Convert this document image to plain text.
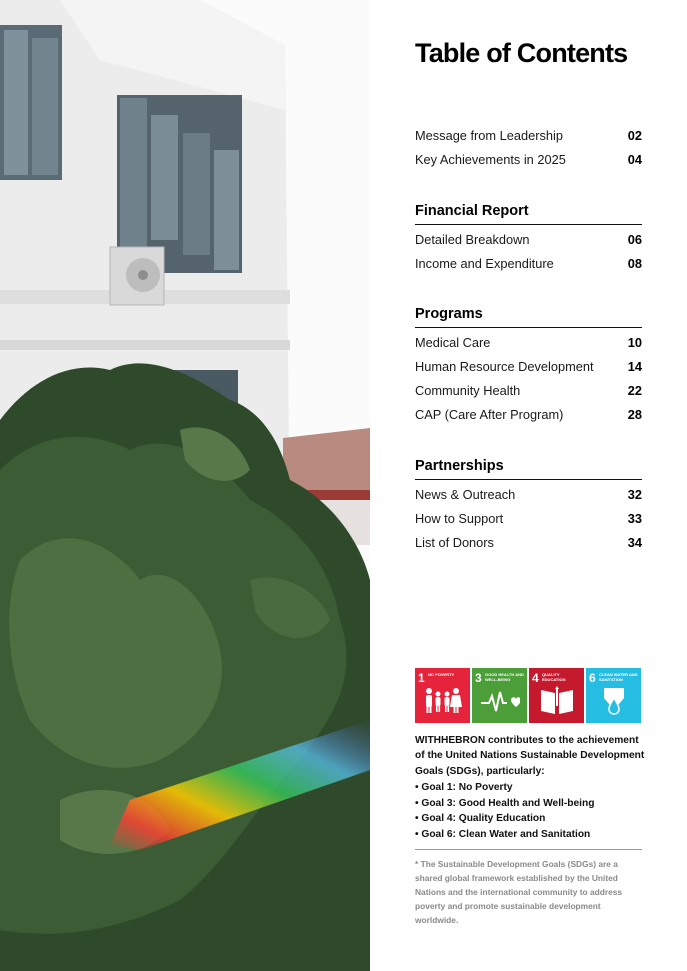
Table of Contents
Message from Leadership	02
Key Achievements in 2025	04
Financial Report
Detailed Breakdown	06
Income and Expenditure	08
Programs
Medical Care	10
Human Resource Development	14
Community Health	22
CAP (Care After Program)	28
Partnerships
News & Outreach	32
How to Support	33
List of Donors	34
1 NO POVERTY	3 GOOD HEALTH AND WELL-BEING	4 QUALITY EDUCATION	6 CLEAN WATER AND SANITATION
WITHHEBRON contributes to the achievement of the United Nations Sustainable Development Goals (SDGs), particularly:
• Goal 1: No Poverty
• Goal 3: Good Health and Well-being
• Goal 4: Quality Education
• Goal 6: Clean Water and Sanitation
* The Sustainable Development Goals (SDGs) are a shared global framework established by the United Nations and the international community to address poverty and promote sustainable development worldwide.
